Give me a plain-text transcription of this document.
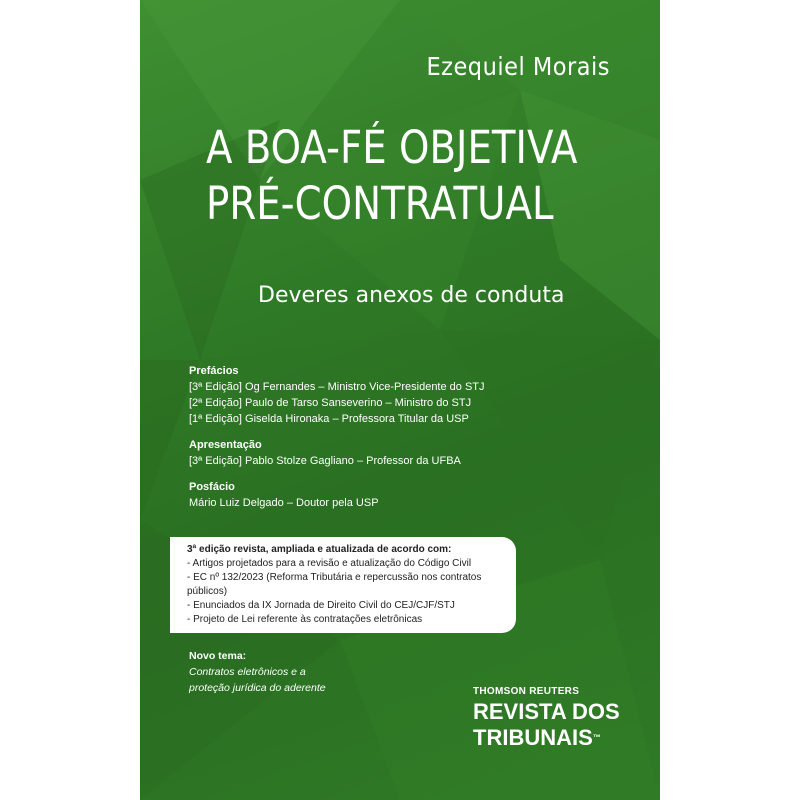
Ezequiel Morais
A BOA-FÉ OBJETIVA
PRÉ-CONTRATUAL
Deveres anexos de conduta
Prefácios
[3ª Edição] Og Fernandes – Ministro Vice-Presidente do STJ
[2ª Edição] Paulo de Tarso Sanseverino – Ministro do STJ
[1ª Edição] Giselda Hironaka – Professora Titular da USP
Apresentação
[3ª Edição] Pablo Stolze Gagliano – Professor da UFBA
Posfácio
Mário Luiz Delgado – Doutor pela USP
3ª edição revista, ampliada e atualizada de acordo com:
- Artigos projetados para a revisão e atualização do Código Civil
- EC nº 132/2023 (Reforma Tributária e repercussão nos contratos públicos)
- Enunciados da IX Jornada de Direito Civil do CEJ/CJF/STJ
- Projeto de Lei referente às contratações eletrônicas
Novo tema:
Contratos eletrônicos e a
proteção jurídica do aderente	THOMSON REUTERS
REVISTA DOS
TRIBUNAIS™
